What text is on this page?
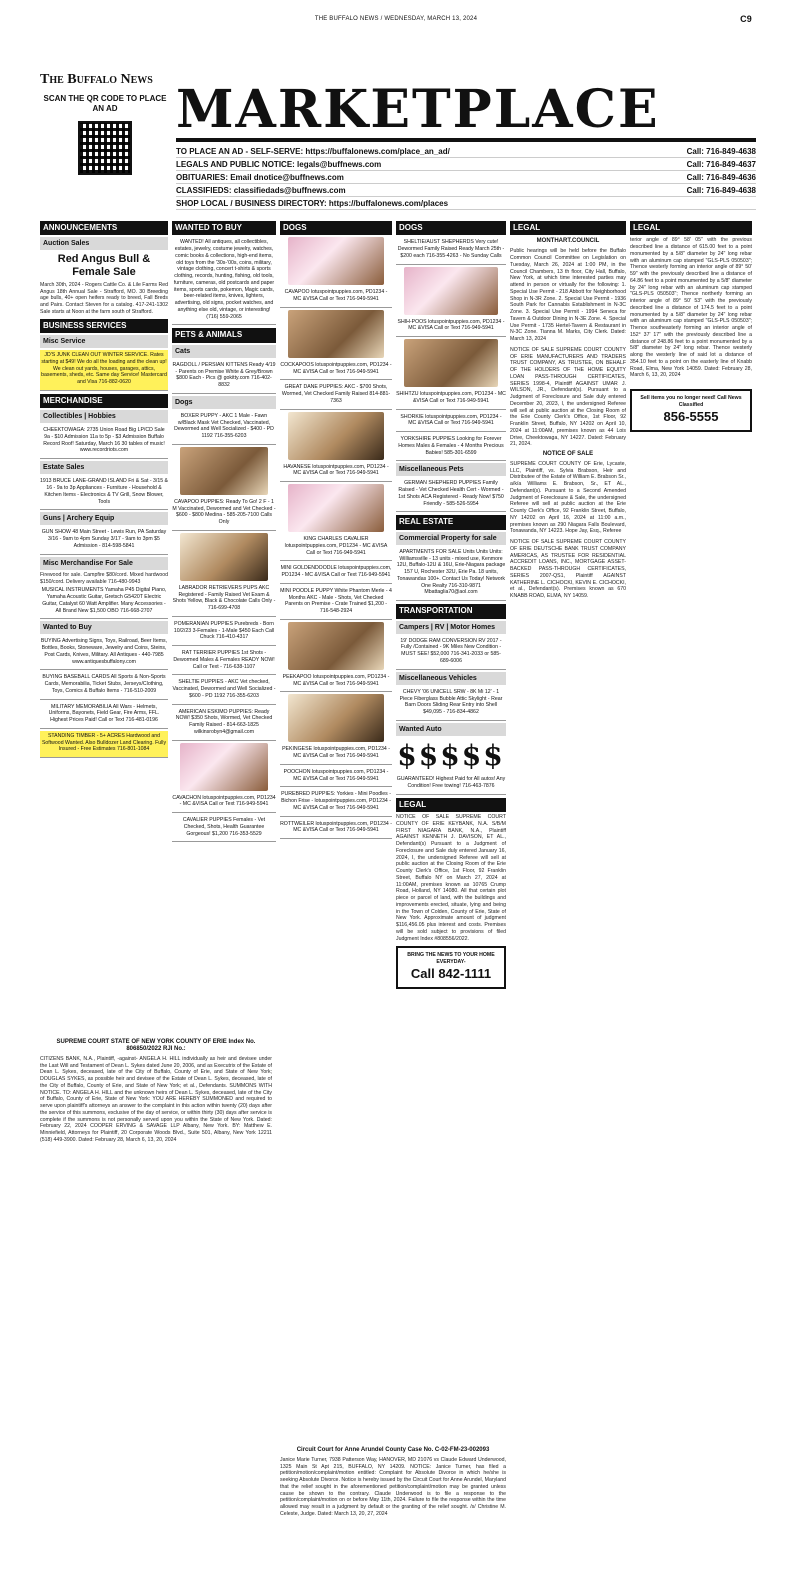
THE BUFFALO NEWS / WEDNESDAY, MARCH 13, 2024	C9
The Buffalo News
SCAN THE QR CODE TO PLACE AN AD	MARKETPLACE
TO PLACE AN AD - SELF-SERVE: https://buffalonews.com/place_an_ad/	Call: 716-849-4638
LEGALS AND PUBLIC NOTICE: legals@buffnews.com	Call: 716-849-4637
OBITUARIES: Email dnotice@buffnews.com	Call: 716-849-4636
CLASSIFIEDS: classifiedads@buffnews.com	Call: 716-849-4638
SHOP LOCAL / BUSINESS DIRECTORY: https://buffalonews.com/places
ANNOUNCEMENTS
Auction Sales
Red Angus Bull & Female Sale
March 30th, 2024 - Rogers Cattle Co. & Lile Farms Red Angus 18th Annual Sale - Strafford, MO. 30 Breeding age bulls, 40+ open heifers ready to breed, Fall Breds and Pairs. Contact Steven for a catalog. 417-241-1302 Sale starts at Noon at the farm south of Strafford.
BUSINESS SERVICES
Misc Service
JD'S JUNK CLEAN OUT WINTER SERVICE. Rates starting at $49! We do all the loading and the clean up! We clean out yards, houses, garages, attics, basements, sheds, etc. Same day Service! Mastercard and Visa 716-882-0620
MERCHANDISE
Collectibles | Hobbies
CHEEKTOWAGA: 2735 Union Road Big LP/CD Sale 9a - $10 Admission 11a to 5p - $3 Admission Buffalo Record Roof! Saturday, March 16 30 tables of music! www.recordriots.com
Estate Sales
1913 BRUCE LANE-GRAND ISLAND Fri & Sat - 3/15 & 16 - 9a to 3p Appliances - Furniture - Household & Kitchen Items - Electronics & TV Grill, Snow Blower, Tools
Guns | Archery Equip
GUN SHOW 48 Main Street - Lewis Run, PA Saturday 3/16 - 9am to 4pm Sunday 3/17 - 9am to 3pm $5 Admission - 814-598-5841
Misc Merchandise For Sale
Firewood for sale. Campfire $80/cord. Mixed hardwood $150/cord. Delivery available 716-480-9943
MUSICAL INSTRUMENTS Yamaha P45 Digital Piano, Yamaha Acoustic Guitar, Gretsch G5420T Electric Guitar, Catalyst 60 Watt Amplifier. Many Accessories - All Brand New $1,500 OBO 716-668-2707
Wanted to Buy
BUYING Advertising Signs, Toys, Railroad, Beer Items, Bottles, Books, Stoneware, Jewelry and Coins, Steins, Post Cards, Knives, Military. All Antiques - 440-7985 www.antiquesbuffalony.com
BUYING BASEBALL CARDS All Sports & Non-Sports Cards, Memorabilia, Ticket Stubs, Jerseys/Clothing, Toys, Comics & Buffalo Items - 716-510-2009
MILITARY MEMORABILIA All Wars - Helmets, Uniforms, Bayonets, Field Gear, Fire Arms, FFL. Highest Prices Paid! Call or Text 716-481-0196
STANDING TIMBER - 5+ ACRES Hardwood and Softwood Wanted. Also Bulldozer Land Clearing. Fully Insured - Free Estimates 716-801-1084
WANTED TO BUY
WANTED! All antiques, all collectibles, estates, jewelry, costume jewelry, watches, comic books & collections, high-end items, old toys from the '30s-'00s, coins, military, vintage clothing, concert t-shirts & sports clothing, records, hunting, fishing, old tools, furniture, cameras, old postcards and paper items, sports cards, pokemon, Magic cards, beer-related items, knives, lighters, advertising, old signs, pocket watches, and anything else old, vintage, or interesting! (716) 559-2065
PETS & ANIMALS
Cats
RAGDOLL / PERSIAN KITTENS Ready 4/19 - Parents on Premise White & Grey/Brown $800 Each - Pics @ gokitty.com 716-402-8832
Dogs
BOXER PUPPY - AKC 1 Male - Fawn w/Black Mask Vet Checked, Vaccinated, Dewormed and Well Socialized - $400 - PD 1192 716-355-6203
CAVAPOO PUPPIES: Ready To Go! 2 F - 1 M Vaccinated, Dewormed and Vet Checked - $600 - $800 Medina - 585-205-7100 Calls Only
LABRADOR RETRIEVERS PUPS AKC Registered - Family Raised Vet Exam & Shots Yellow, Black & Chocolate Calls Only - 716-699-4708
POMERANIAN PUPPIES Purebreds - Born 10/2/23 3-Females - 1-Male $450 Each Call Chuck 716-410-4317
RAT TERRIER PUPPIES 1st Shots - Dewormed Males & Females READY NOW! Call or Text - 716-638-1107
SHELTIE PUPPIES - AKC Vet checked, Vaccinated, Dewormed and Well Socialized - $600 - PD 1192 716-355-6203
AMERICAN ESKIMO PUPPIES: Ready NOW! $350 Shots, Wormed, Vet Checked Family Raised - 814-663-1825 wilkinsrobyn4@gmail.com
CAVACHON lotuspointpuppies.com, PD1234 - MC &VISA Call or Text 716-949-5941
CAVALIER PUPPIES Females - Vet Checked, Shots, Health Guarantee Gorgeous! $1,200 716-353-5529
DOGS
CAVAPOO lotuspointpuppies.com, PD1234 - MC &VISA Call or Text 716-949-5941
COCKAPOOS lotuspointpuppies.com, PD1234 - MC &VISA Call or Text 716-949-5941
GREAT DANE PUPPIES: AKC - $700 Shots, Wormed, Vet Checked Family Raised 814-881-7363
HAVANESE lotuspointpuppies.com, PD1234 - MC &VISA Call or Text 716-949-5941
KING CHARLES CAVALIER lotuspointpuppies.com, PD1234 - MC &VISA Call or Text 716-949-5941
MINI GOLDENDOODLE lotuspointpuppies.com, PD1234 - MC &VISA Call or Text 716-949-5941
MINI POODLE PUPPY White Phantom Merle - 4 Months AKC - Male - Shots, Vet Checked Parents on Premise - Crate Trained $1,200 - 716-548-2924
PEEKAPOO lotuspointpuppies.com, PD1234 - MC &VISA Call or Text 716-949-5941
PEKINGESE lotuspointpuppies.com, PD1234 - MC &VISA Call or Text 716-949-5941
POOCHON lotuspointpuppies.com, PD1234 - MC &VISA Call or Text 716-949-5941
PUREBRED PUPPIES: Yorkies - Mini Poodles - Bichon Frise - lotuspointpuppies.com, PD1234 - MC &VISA Call or Text 716-949-5941
ROTTWEILER lotuspointpuppies.com, PD1234 - MC &VISA Call or Text 716-949-5941
DOGS
SHELTIE/AUST SHEPHERDS Very cute! Dewormed Family Raised Ready March 25th - $200 each 716-355-4263 - No Sunday Calls
SHIH-POOS lotuspointpuppies.com, PD1234 - MC &VISA Call or Text 716-949-5941
SHIHTZU lotuspointpuppies.com, PD1234 - MC &VISA Call or Text 716-949-5941
SHORKIE lotuspointpuppies.com, PD1234 - MC &VISA Call or Text 716-949-5941
YORKSHIRE PUPPIES Looking for Forever Homes Males & Females - 4 Months Precious Babies! 585-301-6599
Miscellaneous Pets
GERMAN SHEPHERD PUPPIES Family Raised - Vet Checked Health Cert - Wormed - 1st Shots ACA Registered - Ready Now! $750 Friendly - 585-526-5954
REAL ESTATE
Commercial Property for sale
APARTMENTS FOR SALE Units Units Units: Williamsville - 13 units - mixed use, Kenmore 12U, Buffalo-12U & 16U, Erie-Niagara package 157 U, Rochester 32U, Erie Pa. 18 units, Tonawandas 100+. Contact Us Today! Network One Realty 716-310-9871 Mbattaglia70@aol.com
TRANSPORTATION
Campers | RV | Motor Homes
19' DODGE RAM CONVERSION RV 2017 - Fully /Contained - 9K Miles New Condition - MUST SEE! $52,000 716-341-2033 or 585-689-6006
Miscellaneous Vehicles
CHEVY '06 UNICELL SRW - 8K Mi 12' - 1 Piece Fiberglass Bubble Attic Skylight - Rear Barn Doors Sliding Rear Entry into Shell $49,095 - 716-834-4862
Wanted Auto
$$$$$
GUARANTEED! Highest Paid for All autos! Any Condition! Free towing! 716-463-7876
LEGAL
NOTICE OF SALE SUPREME COURT COUNTY OF ERIE KEYBANK, N.A. S/B/M FIRST NIAGARA BANK, N.A., Plaintiff AGAINST KENNETH J. DAVISON, ET AL., Defendant(s) Pursuant to a Judgment of Foreclosure and Sale duly entered January 16, 2024, I, the undersigned Referee will sell at public auction at the Closing Room of the Erie County Clerk's Office, 1st Floor, 92 Franklin Street, Buffalo NY on March 27, 2024 at 11:00AM, premises known as 10765 Crump Road, Holland, NY 14080. All that certain plot piece or parcel of land, with the buildings and improvements erected, situate, lying and being in the Town of Colden, County of Erie, State of New York. Approximate amount of judgment $116,456.05 plus interest and costs. Premises will be sold subject to provisions of filed Judgment Index #808556/2022.
BRING THE NEWS TO YOUR HOME EVERYDAY-
Call 842-1111
LEGAL
MONTHART.COUNCIL
Public hearings will be held before the Buffalo Common Council Committee on Legislation on Tuesday, March 26, 2024 at 1:00 PM, in the Council Chambers, 13 th floor, City Hall, Buffalo, New York, at which time interested parties may attend in person or virtually for the following: 1. Special Use Permit - 218 Abbott for Neighborhood Shop in N-3R Zone. 2. Special Use Permit - 1936 South Park for Cannabis Establishment in N-3C Zone. 3. Special Use Permit - 1994 Seneca for Tavern & Outdoor Dining in N-3E Zone. 4. Special Use Permit - 1735 Hertel-Tavern & Restaurant in N-3C Zone. Tianna M. Marks, City Clerk. Dated: March 13, 2024
NOTICE OF SALE SUPREME COURT COUNTY OF ERIE MANUFACTURERS AND TRADERS TRUST COMPANY, AS TRUSTEE, ON BEHALF OF THE HOLDERS OF THE HOME EQUITY LOAN PASS-THROUGH CERTIFICATES, SERIES 1998-4, Plaintiff AGAINST UMAR J. WILSON, JR., Defendant(s). Pursuant to a Judgment of Foreclosure and Sale duly entered December 20, 2023, I, the undersigned Referee will sell at public auction at the Closing Room of the Erie County Clerk's Office, 1st Floor, 92 Franklin Street, Buffalo, NY 14202 on April 10, 2024 at 11:00AM, premises known as 44 Lois Drive, Cheektowaga, NY 14227. Dated: February 21, 2024.
NOTICE OF SALE
SUPREME COURT COUNTY OF Erie, Lycaste, LLC, Plaintiff, vs. Sylvia Brabson, Heir and Distributee of the Estate of William E. Brabson Sr., a/k/a Williams E. Brabson, Sr., ET AL., Defendant(s). Pursuant to a Second Amended Judgment of Foreclosure & Sale, the undersigned Referee will sell at public auction at the Erie County Clerk's Office, 92 Franklin Street, Buffalo, NY 14202 on April 16, 2024 at 11:00 a.m., premises known as 290 Niagara Falls Boulevard, Tonawanda, NY 14223. Hope Jay, Esq., Referee
NOTICE OF SALE SUPREME COURT COUNTY OF ERIE DEUTSCHE BANK TRUST COMPANY AMERICAS, AS TRUSTEE FOR RESIDENTIAL ACCREDIT LOANS, INC., MORTGAGE ASSET-BACKED PASS-THROUGH CERTIFICATES, SERIES 2007-QS1, Plaintiff AGAINST KATHERINE L. CICHOCKI, KEVIN E. CICHOCKI, et al., Defendant(s). Premises known as 670 KNABB ROAD, ELMA, NY 14059.
LEGAL
terior angle of 89° 58' 05" with the previous described line a distance of 615.00 feet to a point monumented by a 5/8" diameter by 24" long rebar with an aluminum cap stamped "GLS-PLS 050503"; Thence westerly forming an interior angle of 89° 50' 59" with the previously described line a distance of 64.86 feet to a point monumented by a 5/8" diameter by 24" long rebar with an aluminum cap stamped "GLS-PLS 050503"; Thence northerly forming an interior angle of 89° 50' 53" with the previously described line a distance of 174.5 feet to a point monumented by a 5/8" diameter by 24" long rebar with an aluminum cap stamped "GLS-PLS 050503"; Thence southeasterly forming an interior angle of 152° 37' 17" with the previously described line a distance of 248.86 feet to a point monumented by a 5/8" diameter by 24" long rebar. Thence westerly along the westerly line of said lot a distance of 354.10 feet to a point on the easterly line of Knabb Road, Elma, New York 14059. Dated: February 28, March 6, 13, 20, 2024
Sell items you no longer need! Call News Classified
856-5555
SUPREME COURT STATE OF NEW YORK COUNTY OF ERIE Index No. 806850/2022 RJI No.:
CITIZENS BANK, N.A., Plaintiff, -against- ANGELA H. HILL individually as heir and devisee under the Last Will and Testament of Dean L. Sykes dated June 20, 2006, and as Executrix of the Estate of Dean L. Sykes, deceased, late of the City of Buffalo, County of Erie, and State of New York; DOUGLAS SYKES, as possible heir and devisee of the Estate of Dean L. Sykes, deceased, late of the City of Buffalo, County of Erie, and State of New York; et al., Defendants. SUMMONS WITH NOTICE. TO: ANGELA H. HILL and the unknown heirs of Dean L. Sykes, deceased, late of the City of Buffalo, County of Erie, State of New York: YOU ARE HEREBY SUMMONED and required to serve upon plaintiff's attorneys an answer to the complaint in this action within twenty (20) days after the service of this summons, exclusive of the day of service, or within thirty (30) days after service is complete if the summons is not personally served upon you within the State of New York. Dated: February 22, 2024 COOPER ERVING & SAVAGE LLP Albany, New York. BY: Matthew E. Minniefield, Attorneys for Plaintiff, 20 Corporate Woods Blvd., Suite 501, Albany, New York 12211 (518) 449-3900. Dated: February 28, March 6, 13, 20, 2024
Circuit Court for Anne Arundel County Case No. C-02-FM-23-002093
Janice Marie Turner, 7938 Patterson Way, HANOVER, MD 21076 vs Claude Edward Underwood, 1325 Main St Apt 215, BUFFALO, NY 14209. NOTICE: Janice Turner, has filed a petition/motion/complaint/motion entitled: Complaint for Absolute Divorce in which he/she is seeking Absolute Divorce. Notice is hereby issued by the Circuit Court for Anne Arundel, Maryland that the relief sought in the aforementioned petition/complaint/motion may be granted unless cause be shown to the contrary. Claude Underwood is to file a response to the petition/complaint/motion on or before May 11th, 2024. Failure to file the response within the time allowed may result in a judgment by default or the granting of the relief sought. /s/ Christine M. Celeste, Judge. Dated: March 13, 20, 27, 2024
